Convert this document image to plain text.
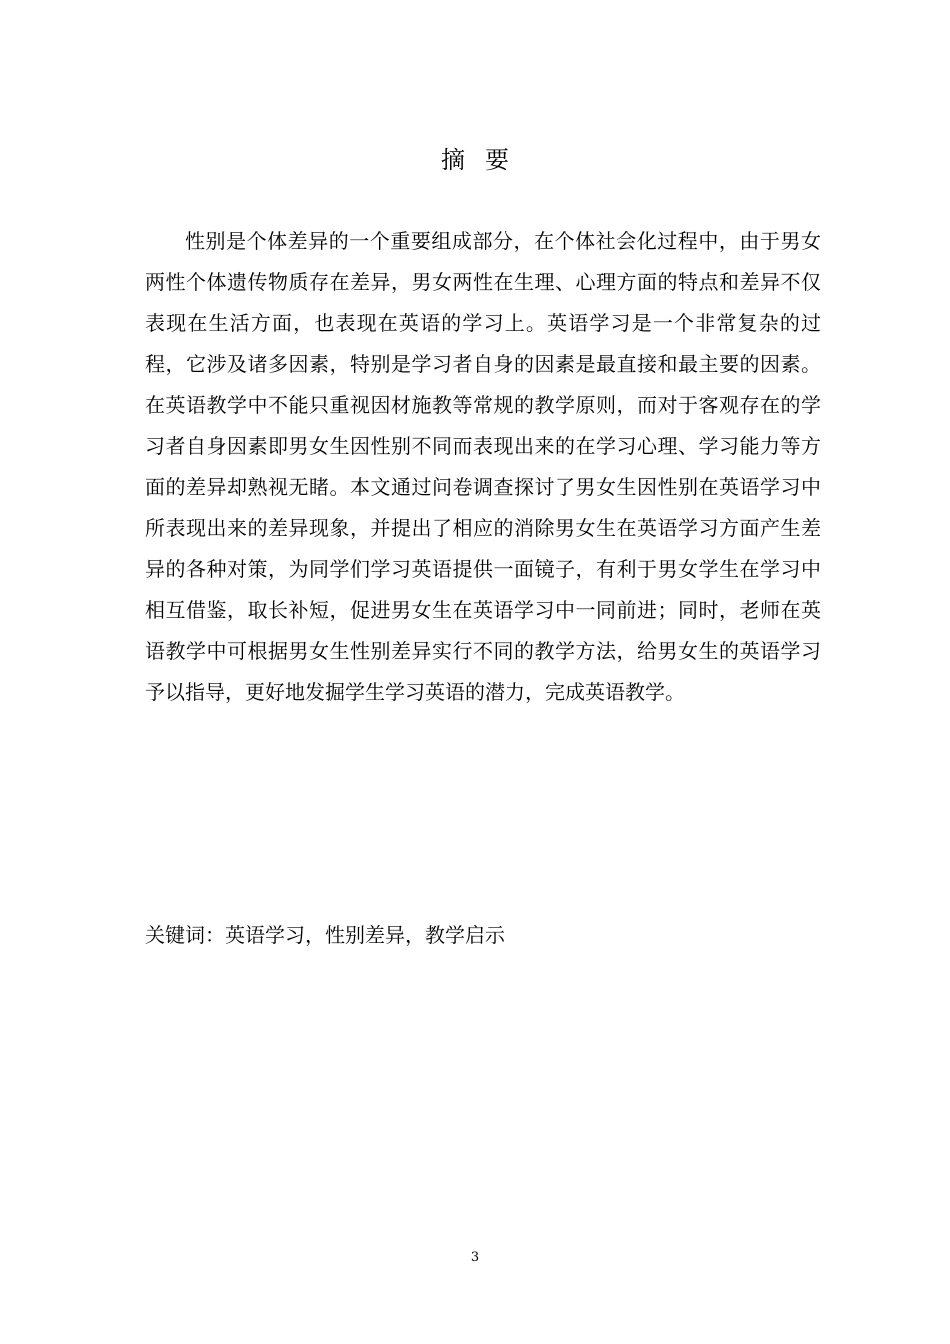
摘要

性别是个体差异的一个重要组成部分，在个体社会化过程中，由于男女两性个体遗传物质存在差异，男女两性在生理、心理方面的特点和差异不仅表现在生活方面，也表现在英语的学习上。英语学习是一个非常复杂的过程，它涉及诸多因素，特别是学习者自身的因素是最直接和最主要的因素。在英语教学中不能只重视因材施教等常规的教学原则，而对于客观存在的学习者自身因素即男女生因性别不同而表现出来的在学习心理、学习能力等方面的差异却熟视无睹。本文通过问卷调查探讨了男女生因性别在英语学习中所表现出来的差异现象，并提出了相应的消除男女生在英语学习方面产生差异的各种对策，为同学们学习英语提供一面镜子，有利于男女学生在学习中相互借鉴，取长补短，促进男女生在英语学习中一同前进；同时，老师在英语教学中可根据男女生性别差异实行不同的教学方法，给男女生的英语学习予以指导，更好地发掘学生学习英语的潜力，完成英语教学。

关键词：英语学习，性别差异，教学启示

3
